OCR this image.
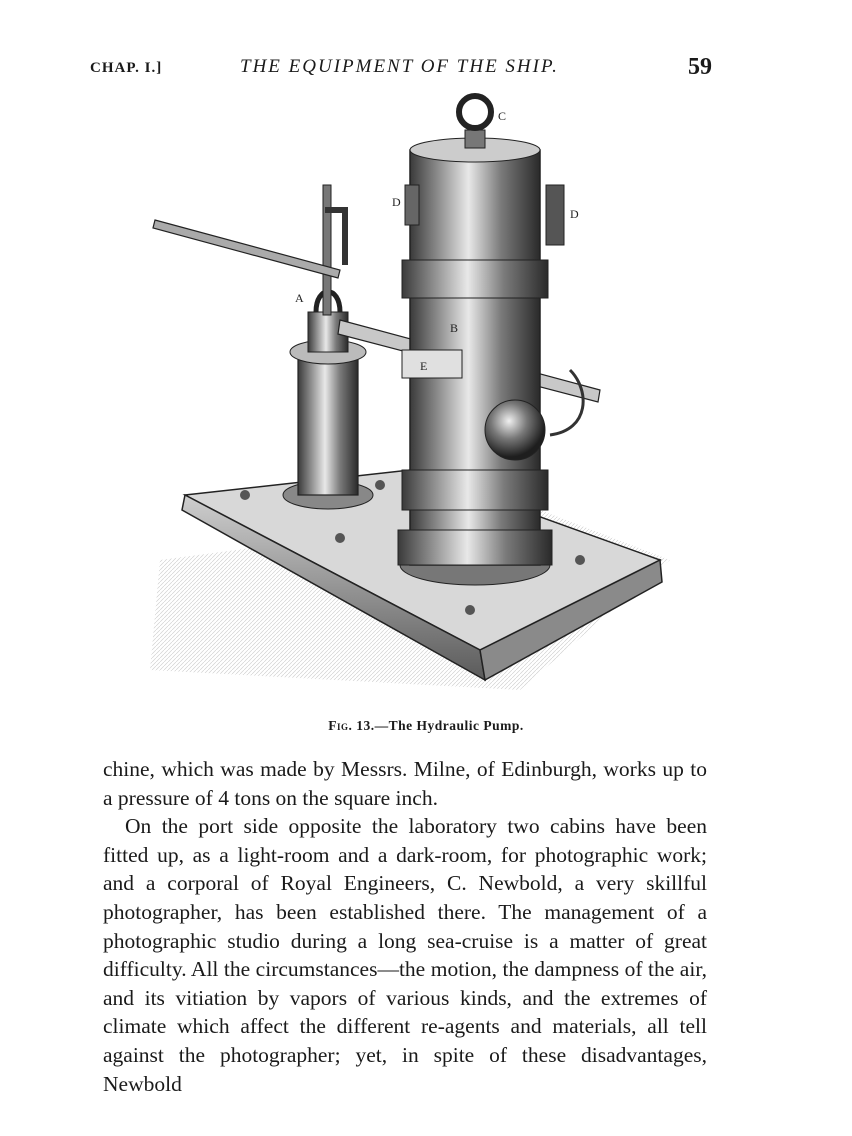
CHAP. I.]	THE EQUIPMENT OF THE SHIP.	59
A
B
C
D
D
E
Fig. 13.—The Hydraulic Pump.

chine, which was made by Messrs. Milne, of Edinburgh, works up to a pressure of 4 tons on the square inch.

On the port side opposite the laboratory two cabins have been fitted up, as a light-room and a dark-room, for photographic work; and a corporal of Royal Engineers, C. Newbold, a very skillful photographer, has been established there. The management of a photographic studio during a long sea-cruise is a matter of great difficulty. All the circumstances—the motion, the dampness of the air, and its vitiation by vapors of various kinds, and the extremes of climate which affect the different re-agents and materials, all tell against the photographer; yet, in spite of these disadvantages, Newbold
